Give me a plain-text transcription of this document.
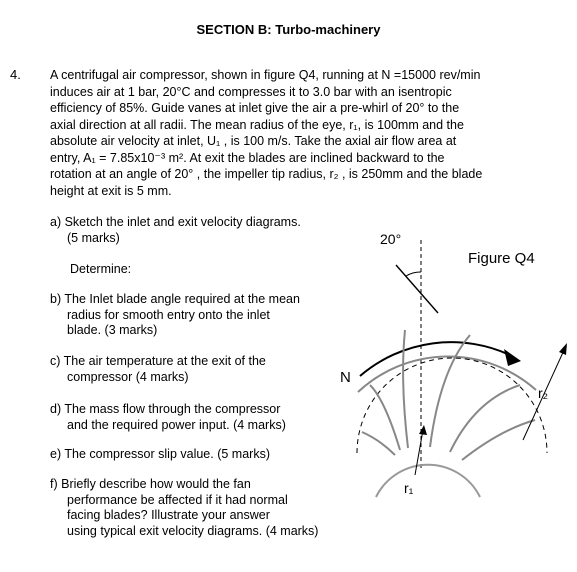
SECTION B: Turbo-machinery
4. A centrifugal air compressor, shown in figure Q4, running at N =15000 rev/min
induces air at 1 bar, 20°C and compresses it to 3.0 bar with an isentropic
efficiency of 85%. Guide vanes at inlet give the air a pre-whirl of 20° to the
axial direction at all radii. The mean radius of the eye, r₁, is 100mm and the
absolute air velocity at inlet, U₁ , is 100 m/s. Take the axial air flow area at
entry, A₁ = 7.85x10⁻³ m². At exit the blades are inclined backward to the
rotation at an angle of 20° , the impeller tip radius, r₂ , is 250mm and the blade
height at exit is 5 mm.
a) Sketch the inlet and exit velocity diagrams.
(5 marks)
Determine:
b) The Inlet blade angle required at the mean
radius for smooth entry onto the inlet
blade. (3 marks)
c) The air temperature at the exit of the
compressor (4 marks)
d) The mass flow through the compressor
and the required power input. (4 marks)
e) The compressor slip value. (5 marks)
f) Briefly describe how would the fan
performance be affected if it had normal
facing blades? Illustrate your answer
using typical exit velocity diagrams. (4 marks)
Figure Q4
20°
N
r₁
r₂
